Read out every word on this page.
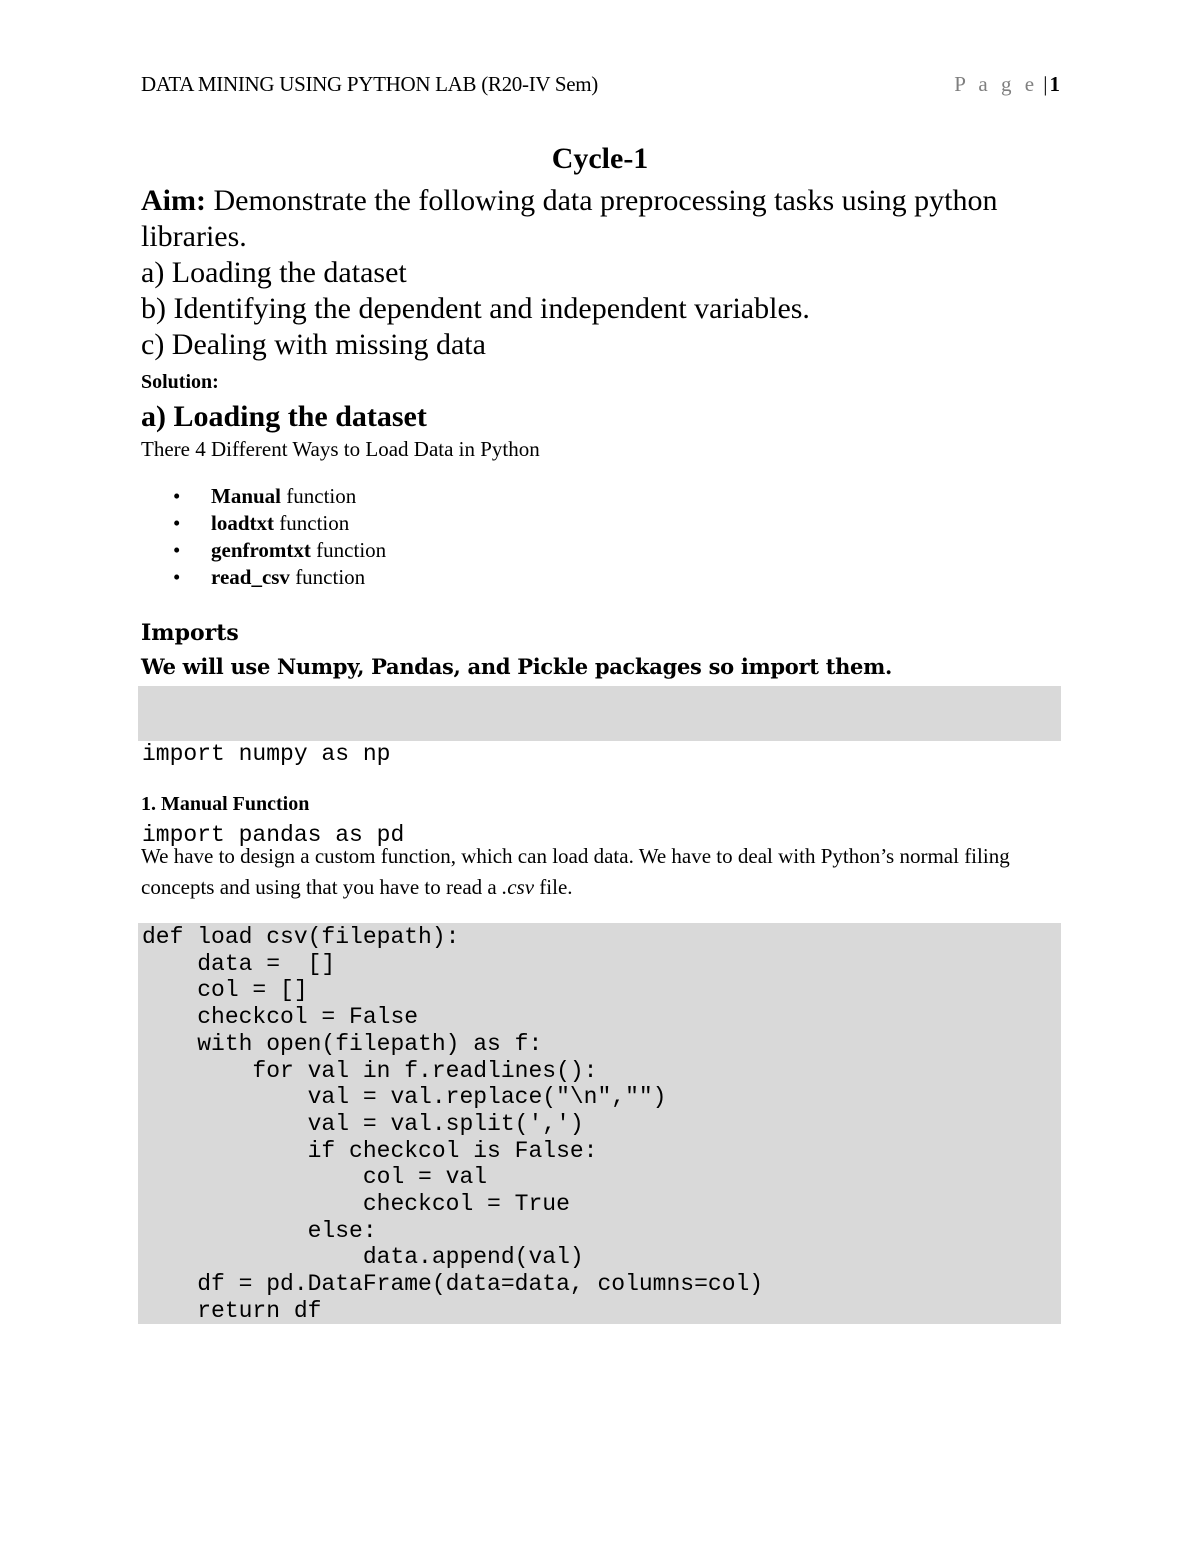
DATA MINING USING PYTHON LAB (R20-IV Sem)	P a g e |1
Cycle-1
Aim: Demonstrate the following data preprocessing tasks using python libraries.
a) Loading the dataset
b) Identifying the dependent and independent variables.
c) Dealing with missing data
Solution:
a) Loading the dataset
There 4 Different Ways to Load Data in Python
• Manual function
• loadtxt function
• genfromtxt function
• read_csv function
Imports
We will use Numpy, Pandas, and Pickle packages so import them.

import numpy as np

import pandas as pd

1. Manual Function
We have to design a custom function, which can load data. We have to deal with Python’s normal filing concepts and using that you have to read a .csv file.
def load csv(filepath):
data =  []
col = []
checkcol = False
with open(filepath) as f:
for val in f.readlines():
val = val.replace("\n","")
val = val.split(',')
if checkcol is False:
col = val
checkcol = True
else:
data.append(val)
df = pd.DataFrame(data=data, columns=col)
return df
